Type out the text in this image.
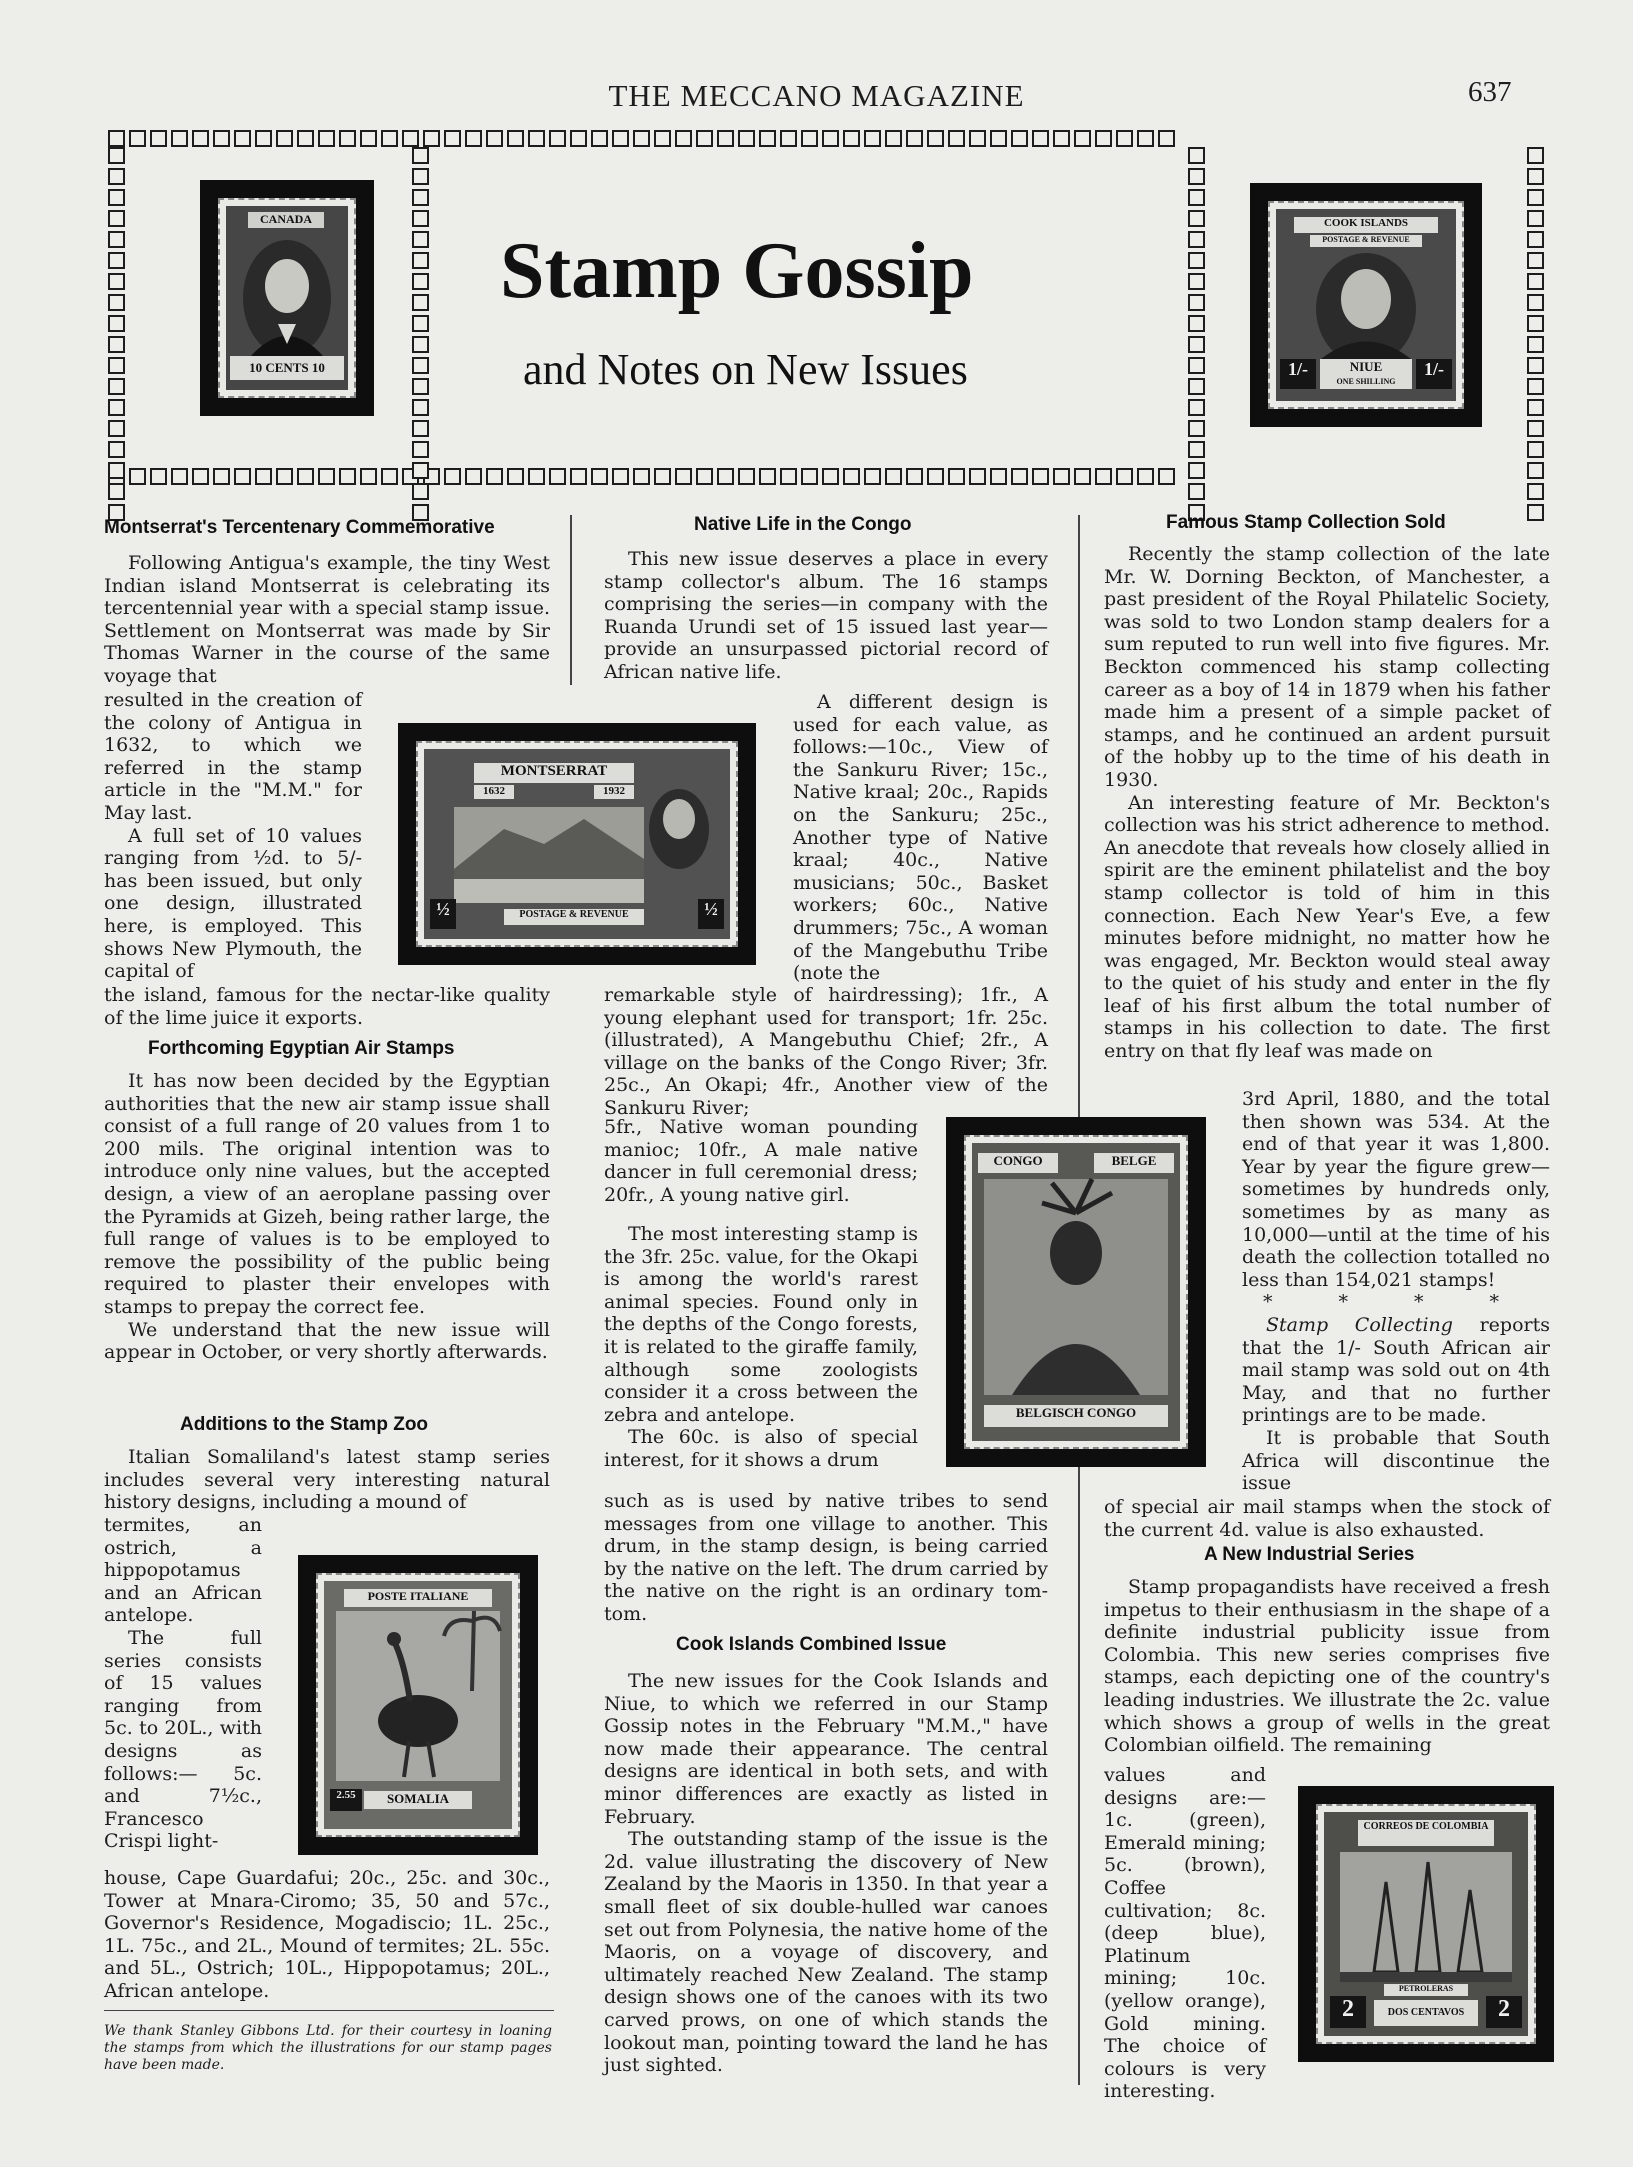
THE MECCANO MAGAZINE	637
Stamp Gossip
and Notes on New Issues
CANADA
10 CENTS 10
COOK ISLANDS
POSTAGE & REVENUE
NIUE
ONE SHILLING
1/-	1/-
Montserrat's Tercentenary Commemorative

Following Antigua's example, the tiny West Indian island Montserrat is celebrating its tercentennial year with a special stamp issue. Settlement on Montserrat was made by Sir Thomas Warner in the course of the same voyage that

resulted in the creation of the colony of Antigua in 1632, to which we referred in the stamp article in the "M.M." for May last.

A full set of 10 values ranging from ½d. to 5/- has been issued, but only one design, illustrated here, is employed. This shows New Plymouth, the capital of

the island, famous for the nectar-like quality of the lime juice it exports.

Forthcoming Egyptian Air Stamps

It has now been decided by the Egyptian authorities that the new air stamp issue shall consist of a full range of 20 values from 1 to 200 mils. The original intention was to introduce only nine values, but the accepted design, a view of an aeroplane passing over the Pyramids at Gizeh, being rather large, the full range of values is to be employed to remove the possibility of the public being required to plaster their envelopes with stamps to prepay the correct fee.

We understand that the new issue will appear in October, or very shortly afterwards.

Additions to the Stamp Zoo

Italian Somaliland's latest stamp series includes several very interesting natural history designs, including a mound of

termites, an ostrich, a hippopotamus and an African antelope.

The full series consists of 15 values ranging from 5c. to 20L., with designs as follows:— 5c. and 7½c., Francesco Crispi light-

house, Cape Guardafui; 20c., 25c. and 30c., Tower at Mnara-Ciromo; 35, 50 and 57c., Governor's Residence, Mogadiscio; 1L. 25c., 1L. 75c., and 2L., Mound of termites; 2L. 55c. and 5L., Ostrich; 10L., Hippopotamus; 20L., African antelope.

We thank Stanley Gibbons Ltd. for their courtesy in loaning the stamps from which the illustrations for our stamp pages have been made.
MONTSERRAT
1632	1932
POSTAGE & REVENUE
½	½
POSTE ITALIANE
SOMALIA
2.55
Native Life in the Congo

This new issue deserves a place in every stamp collector's album. The 16 stamps comprising the series—in company with the Ruanda Urundi set of 15 issued last year—provide an unsurpassed pictorial record of African native life.

A different design is used for each value, as follows:—10c., View of the Sankuru River; 15c., Native kraal; 20c., Rapids on the Sankuru; 25c., Another type of Native kraal; 40c., Native musicians; 50c., Basket workers; 60c., Native drummers; 75c., A woman of the Mangebuthu Tribe (note the

remarkable style of hairdressing); 1fr., A young elephant used for transport; 1fr. 25c. (illustrated), A Mangebuthu Chief; 2fr., A village on the banks of the Congo River; 3fr. 25c., An Okapi; 4fr., Another view of the Sankuru River;

5fr., Native woman pounding manioc; 10fr., A male native dancer in full ceremonial dress; 20fr., A young native girl.

The most interesting stamp is the 3fr. 25c. value, for the Okapi is among the world's rarest animal species. Found only in the depths of the Congo forests, it is related to the giraffe family, although some zoologists consider it a cross between the zebra and antelope.

The 60c. is also of special interest, for it shows a drum

such as is used by native tribes to send messages from one village to another. This drum, in the stamp design, is being carried by the native on the left. The drum carried by the native on the right is an ordinary tom-tom.

Cook Islands Combined Issue

The new issues for the Cook Islands and Niue, to which we referred in our Stamp Gossip notes in the February "M.M.," have now made their appearance. The central designs are identical in both sets, and with minor differences are exactly as listed in February.

The outstanding stamp of the issue is the 2d. value illustrating the discovery of New Zealand by the Maoris in 1350. In that year a small fleet of six double-hulled war canoes set out from Polynesia, the native home of the Maoris, on a voyage of discovery, and ultimately reached New Zealand. The stamp design shows one of the canoes with its two carved prows, on one of which stands the lookout man, pointing toward the land he has just sighted.

CONGO	BELGE
BELGISCH CONGO
Famous Stamp Collection Sold

Recently the stamp collection of the late Mr. W. Dorning Beckton, of Manchester, a past president of the Royal Philatelic Society, was sold to two London stamp dealers for a sum reputed to run well into five figures. Mr. Beckton commenced his stamp collecting career as a boy of 14 in 1879 when his father made him a present of a simple packet of stamps, and he continued an ardent pursuit of the hobby up to the time of his death in 1930.

An interesting feature of Mr. Beckton's collection was his strict adherence to method. An anecdote that reveals how closely allied in spirit are the eminent philatelist and the boy stamp collector is told of him in this connection. Each New Year's Eve, a few minutes before midnight, no matter how he was engaged, Mr. Beckton would steal away to the quiet of his study and enter in the fly leaf of his first album the total number of stamps in his collection to date. The first entry on that fly leaf was made on

3rd April, 1880, and the total then shown was 534. At the end of that year it was 1,800. Year by year the figure grew—sometimes by hundreds only, sometimes by as many as 10,000—until at the time of his death the collection totalled no less than 154,021 stamps!

* * * *

Stamp Collecting reports that the 1/- South African air mail stamp was sold out on 4th May, and that no further printings are to be made.

It is probable that South Africa will discontinue the issue

of special air mail stamps when the stock of the current 4d. value is also exhausted.

A New Industrial Series

Stamp propagandists have received a fresh impetus to their enthusiasm in the shape of a definite industrial publicity issue from Colombia. This new series comprises five stamps, each depicting one of the country's leading industries. We illustrate the 2c. value which shows a group of wells in the great Colombian oilfield. The remaining

values and designs are:—1c. (green), Emerald mining; 5c. (brown), Coffee cultivation; 8c. (deep blue), Platinum mining; 10c. (yellow orange), Gold mining. The choice of colours is very interesting.

CORREOS DE COLOMBIA
PETROLERAS
DOS CENTAVOS
2	2
